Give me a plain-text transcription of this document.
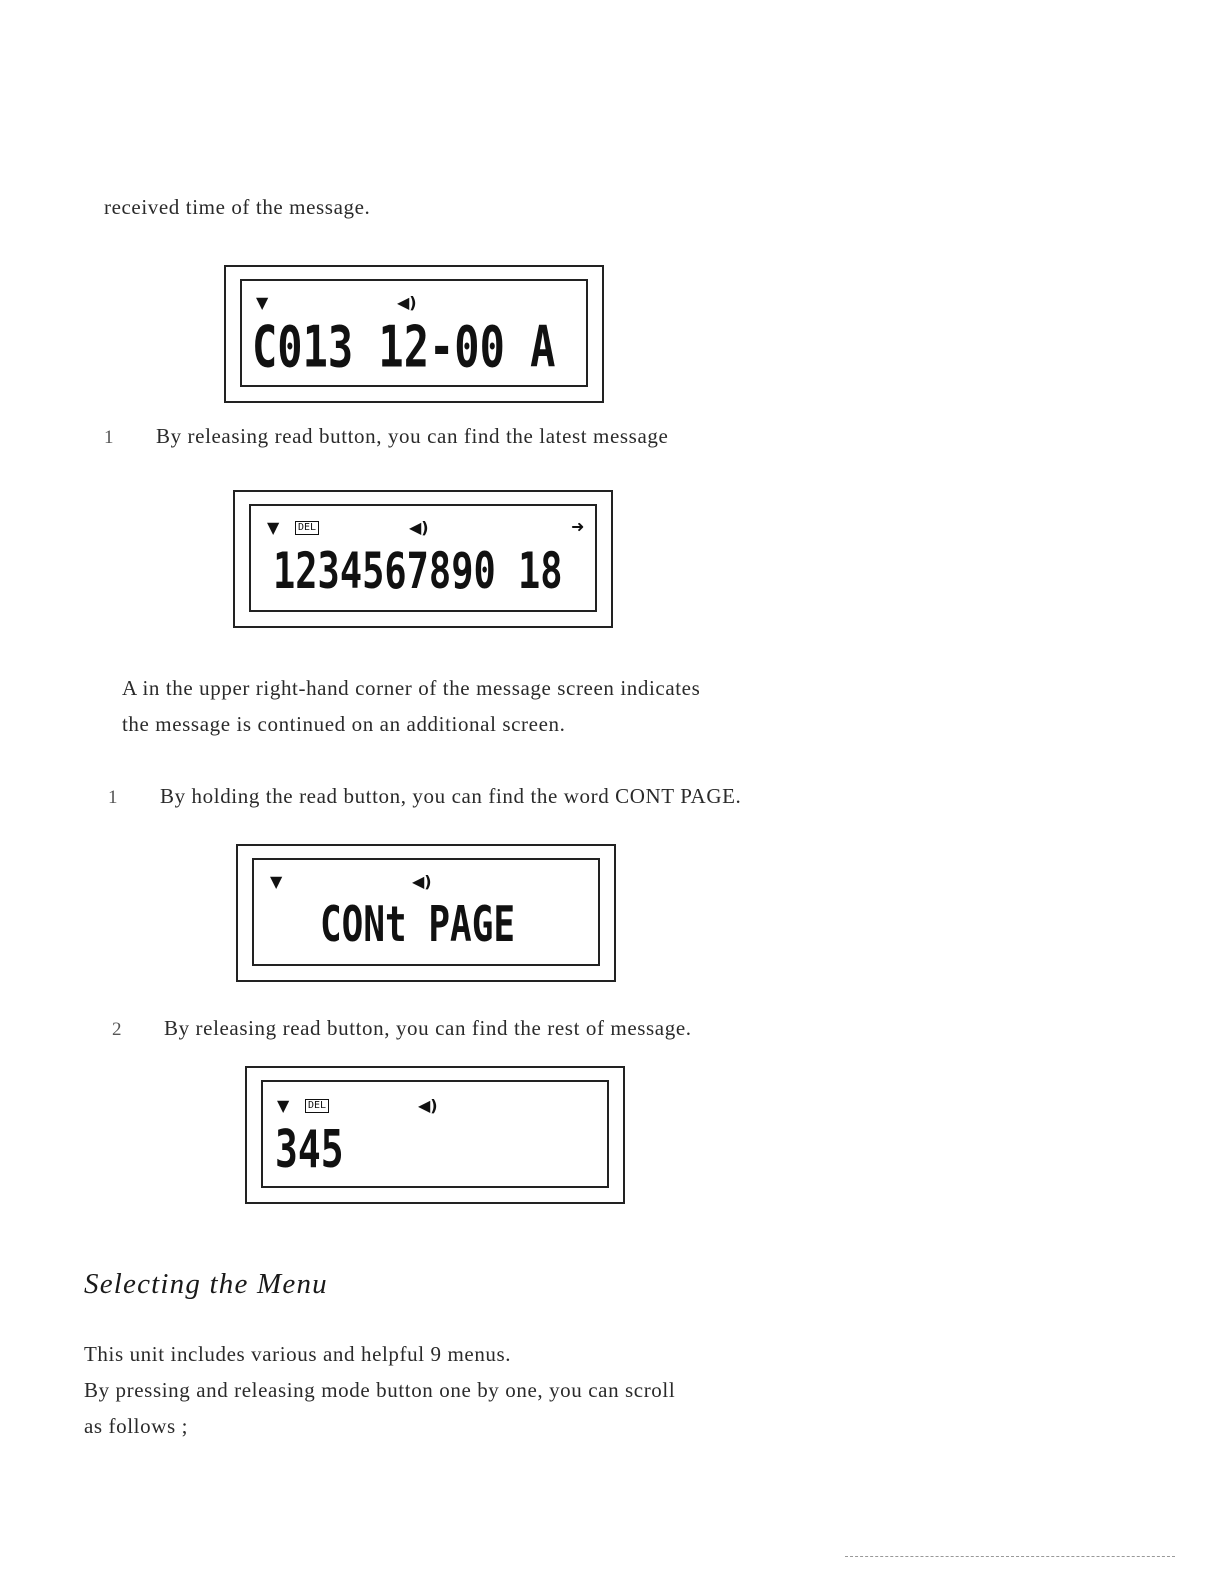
received time of the message.
▼	◀)
C013 12-00 A
1 By releasing read button, you can find the latest message
▼	DEL	◀)	➜
1234567890 18
A in the upper right-hand corner of the message screen indicates
the message is continued on an additional screen.
1 By holding the read button, you can find the word CONT PAGE.
▼	◀)
CONt PAGE
2 By releasing read button, you can find the rest of message.
▼	DEL	◀)
345
Selecting the Menu
This unit includes various and helpful 9 menus.
By pressing and releasing mode button one by one, you can scroll
as follows ;
